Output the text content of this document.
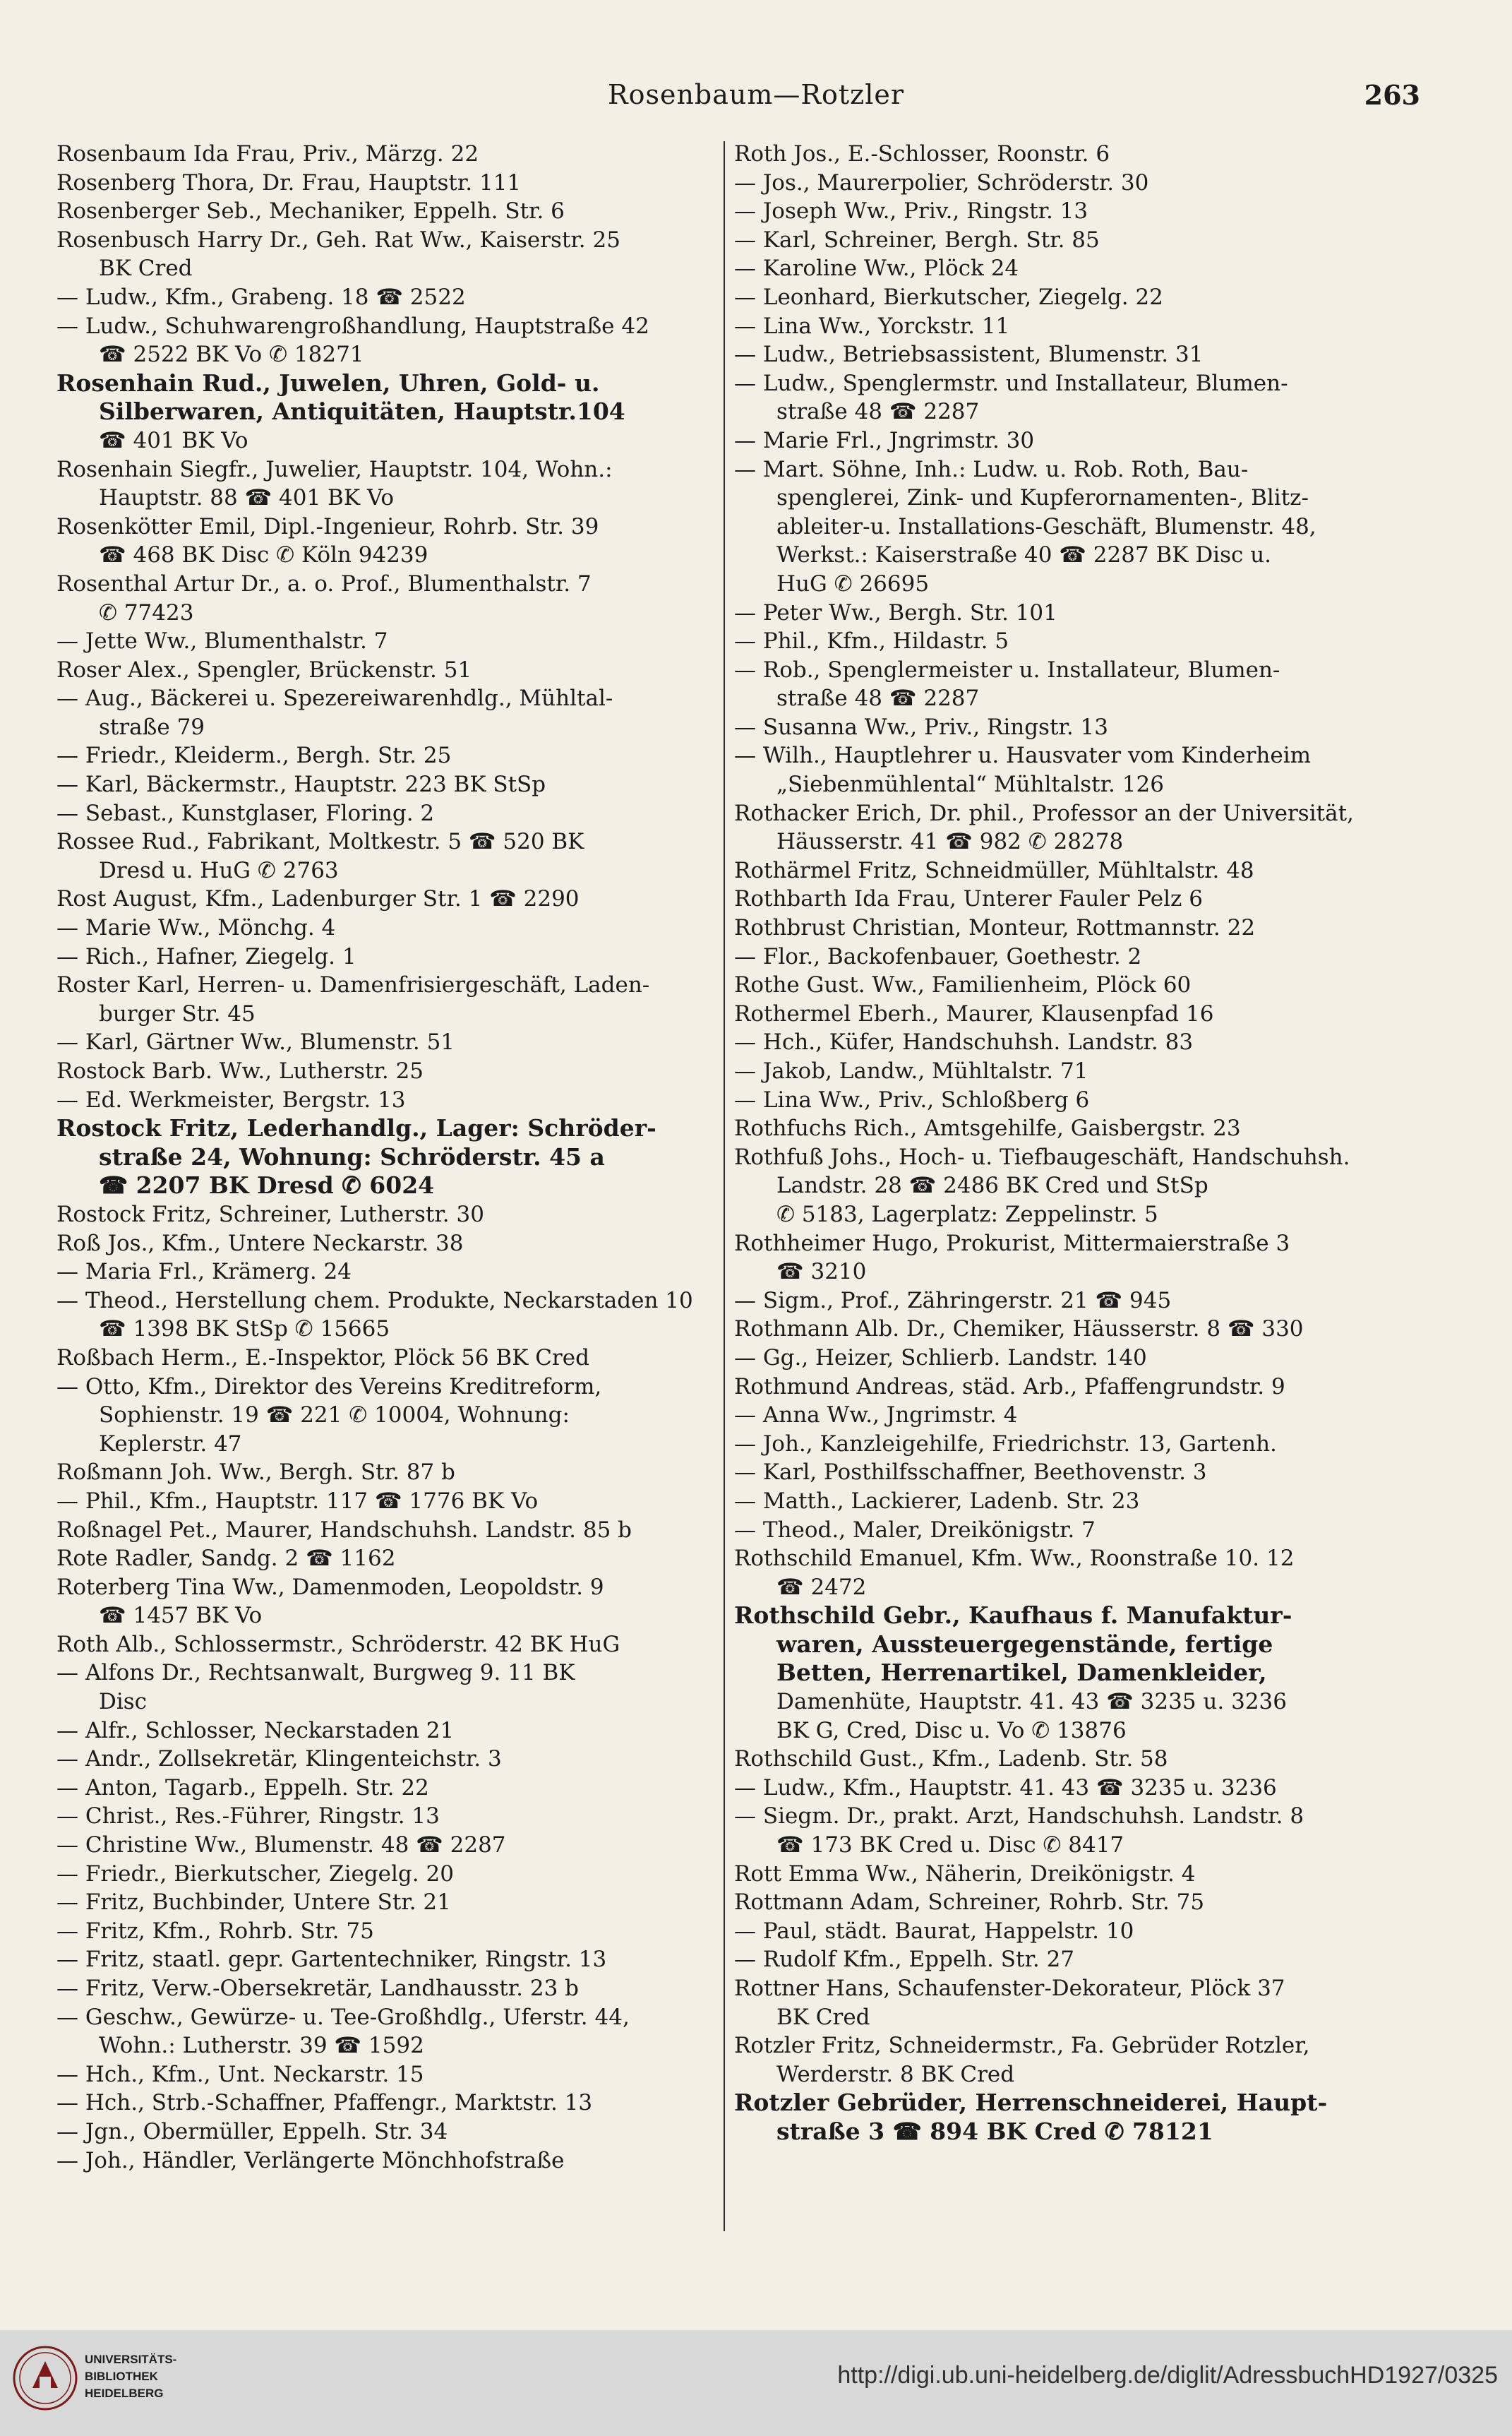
Rosenbaum—Rotzler	263
Rosenbaum Ida Frau, Priv., Märzg. 22
Rosenberg Thora, Dr. Frau, Hauptstr. 111
Rosenberger Seb., Mechaniker, Eppelh. Str. 6
Rosenbusch Harry Dr., Geh. Rat Ww., Kaiserstr. 25
BK Cred
— Ludw., Kfm., Grabeng. 18 ☎ 2522
— Ludw., Schuhwarengroßhandlung, Hauptstraße 42
☎ 2522 BK Vo ✆ 18271
Rosenhain Rud., Juwelen, Uhren, Gold- u.
Silberwaren, Antiquitäten, Hauptstr.104
☎ 401 BK Vo
Rosenhain Siegfr., Juwelier, Hauptstr. 104, Wohn.:
Hauptstr. 88 ☎ 401 BK Vo
Rosenkötter Emil, Dipl.-Ingenieur, Rohrb. Str. 39
☎ 468 BK Disc ✆ Köln 94239
Rosenthal Artur Dr., a. o. Prof., Blumenthalstr. 7
✆ 77423
— Jette Ww., Blumenthalstr. 7
Roser Alex., Spengler, Brückenstr. 51
— Aug., Bäckerei u. Spezereiwarenhdlg., Mühltal-
straße 79
— Friedr., Kleiderm., Bergh. Str. 25
— Karl, Bäckermstr., Hauptstr. 223 BK StSp
— Sebast., Kunstglaser, Floring. 2
Rossee Rud., Fabrikant, Moltkestr. 5 ☎ 520 BK
Dresd u. HuG ✆ 2763
Rost August, Kfm., Ladenburger Str. 1 ☎ 2290
— Marie Ww., Mönchg. 4
— Rich., Hafner, Ziegelg. 1
Roster Karl, Herren- u. Damenfrisiergeschäft, Laden-
burger Str. 45
— Karl, Gärtner Ww., Blumenstr. 51
Rostock Barb. Ww., Lutherstr. 25
— Ed. Werkmeister, Bergstr. 13
Rostock Fritz, Lederhandlg., Lager: Schröder-
straße 24, Wohnung: Schröderstr. 45 a
☎ 2207 BK Dresd ✆ 6024
Rostock Fritz, Schreiner, Lutherstr. 30
Roß Jos., Kfm., Untere Neckarstr. 38
— Maria Frl., Krämerg. 24
— Theod., Herstellung chem. Produkte, Neckarstaden 10
☎ 1398 BK StSp ✆ 15665
Roßbach Herm., E.-Inspektor, Plöck 56 BK Cred
— Otto, Kfm., Direktor des Vereins Kreditreform,
Sophienstr. 19 ☎ 221 ✆ 10004, Wohnung:
Keplerstr. 47
Roßmann Joh. Ww., Bergh. Str. 87 b
— Phil., Kfm., Hauptstr. 117 ☎ 1776 BK Vo
Roßnagel Pet., Maurer, Handschuhsh. Landstr. 85 b
Rote Radler, Sandg. 2 ☎ 1162
Roterberg Tina Ww., Damenmoden, Leopoldstr. 9
☎ 1457 BK Vo
Roth Alb., Schlossermstr., Schröderstr. 42 BK HuG
— Alfons Dr., Rechtsanwalt, Burgweg 9. 11 BK
Disc
— Alfr., Schlosser, Neckarstaden 21
— Andr., Zollsekretär, Klingenteichstr. 3
— Anton, Tagarb., Eppelh. Str. 22
— Christ., Res.-Führer, Ringstr. 13
— Christine Ww., Blumenstr. 48 ☎ 2287
— Friedr., Bierkutscher, Ziegelg. 20
— Fritz, Buchbinder, Untere Str. 21
— Fritz, Kfm., Rohrb. Str. 75
— Fritz, staatl. gepr. Gartentechniker, Ringstr. 13
— Fritz, Verw.-Obersekretär, Landhausstr. 23 b
— Geschw., Gewürze- u. Tee-Großhdlg., Uferstr. 44,
Wohn.: Lutherstr. 39 ☎ 1592
— Hch., Kfm., Unt. Neckarstr. 15
— Hch., Strb.-Schaffner, Pfaffengr., Marktstr. 13
— Jgn., Obermüller, Eppelh. Str. 34
— Joh., Händler, Verlängerte Mönchhofstraße
Roth Jos., E.-Schlosser, Roonstr. 6
— Jos., Maurerpolier, Schröderstr. 30
— Joseph Ww., Priv., Ringstr. 13
— Karl, Schreiner, Bergh. Str. 85
— Karoline Ww., Plöck 24
— Leonhard, Bierkutscher, Ziegelg. 22
— Lina Ww., Yorckstr. 11
— Ludw., Betriebsassistent, Blumenstr. 31
— Ludw., Spenglermstr. und Installateur, Blumen-
straße 48 ☎ 2287
— Marie Frl., Jngrimstr. 30
— Mart. Söhne, Inh.: Ludw. u. Rob. Roth, Bau-
spenglerei, Zink- und Kupferornamenten-, Blitz-
ableiter-u. Installations-Geschäft, Blumenstr. 48,
Werkst.: Kaiserstraße 40 ☎ 2287 BK Disc u.
HuG ✆ 26695
— Peter Ww., Bergh. Str. 101
— Phil., Kfm., Hildastr. 5
— Rob., Spenglermeister u. Installateur, Blumen-
straße 48 ☎ 2287
— Susanna Ww., Priv., Ringstr. 13
— Wilh., Hauptlehrer u. Hausvater vom Kinderheim
„Siebenmühlental“ Mühltalstr. 126
Rothacker Erich, Dr. phil., Professor an der Universität,
Häusserstr. 41 ☎ 982 ✆ 28278
Rothärmel Fritz, Schneidmüller, Mühltalstr. 48
Rothbarth Ida Frau, Unterer Fauler Pelz 6
Rothbrust Christian, Monteur, Rottmannstr. 22
— Flor., Backofenbauer, Goethestr. 2
Rothe Gust. Ww., Familienheim, Plöck 60
Rothermel Eberh., Maurer, Klausenpfad 16
— Hch., Küfer, Handschuhsh. Landstr. 83
— Jakob, Landw., Mühltalstr. 71
— Lina Ww., Priv., Schloßberg 6
Rothfuchs Rich., Amtsgehilfe, Gaisbergstr. 23
Rothfuß Johs., Hoch- u. Tiefbaugeschäft, Handschuhsh.
Landstr. 28 ☎ 2486 BK Cred und StSp
✆ 5183, Lagerplatz: Zeppelinstr. 5
Rothheimer Hugo, Prokurist, Mittermaierstraße 3
☎ 3210
— Sigm., Prof., Zähringerstr. 21 ☎ 945
Rothmann Alb. Dr., Chemiker, Häusserstr. 8 ☎ 330
— Gg., Heizer, Schlierb. Landstr. 140
Rothmund Andreas, städ. Arb., Pfaffengrundstr. 9
— Anna Ww., Jngrimstr. 4
— Joh., Kanzleigehilfe, Friedrichstr. 13, Gartenh.
— Karl, Posthilfsschaffner, Beethovenstr. 3
— Matth., Lackierer, Ladenb. Str. 23
— Theod., Maler, Dreikönigstr. 7
Rothschild Emanuel, Kfm. Ww., Roonstraße 10. 12
☎ 2472
Rothschild Gebr., Kaufhaus f. Manufaktur-
waren, Aussteuergegenstände, fertige
Betten, Herrenartikel, Damenkleider,
Damenhüte, Hauptstr. 41. 43 ☎ 3235 u. 3236
BK G, Cred, Disc u. Vo ✆ 13876
Rothschild Gust., Kfm., Ladenb. Str. 58
— Ludw., Kfm., Hauptstr. 41. 43 ☎ 3235 u. 3236
— Siegm. Dr., prakt. Arzt, Handschuhsh. Landstr. 8
☎ 173 BK Cred u. Disc ✆ 8417
Rott Emma Ww., Näherin, Dreikönigstr. 4
Rottmann Adam, Schreiner, Rohrb. Str. 75
— Paul, städt. Baurat, Happelstr. 10
— Rudolf Kfm., Eppelh. Str. 27
Rottner Hans, Schaufenster-Dekorateur, Plöck 37
BK Cred
Rotzler Fritz, Schneidermstr., Fa. Gebrüder Rotzler,
Werderstr. 8 BK Cred
Rotzler Gebrüder, Herrenschneiderei, Haupt-
straße 3 ☎ 894 BK Cred ✆ 78121
UNIVERSITÄTS-
BIBLIOTHEK
HEIDELBERG
http://digi.ub.uni-heidelberg.de/diglit/AdressbuchHD1927/0325
